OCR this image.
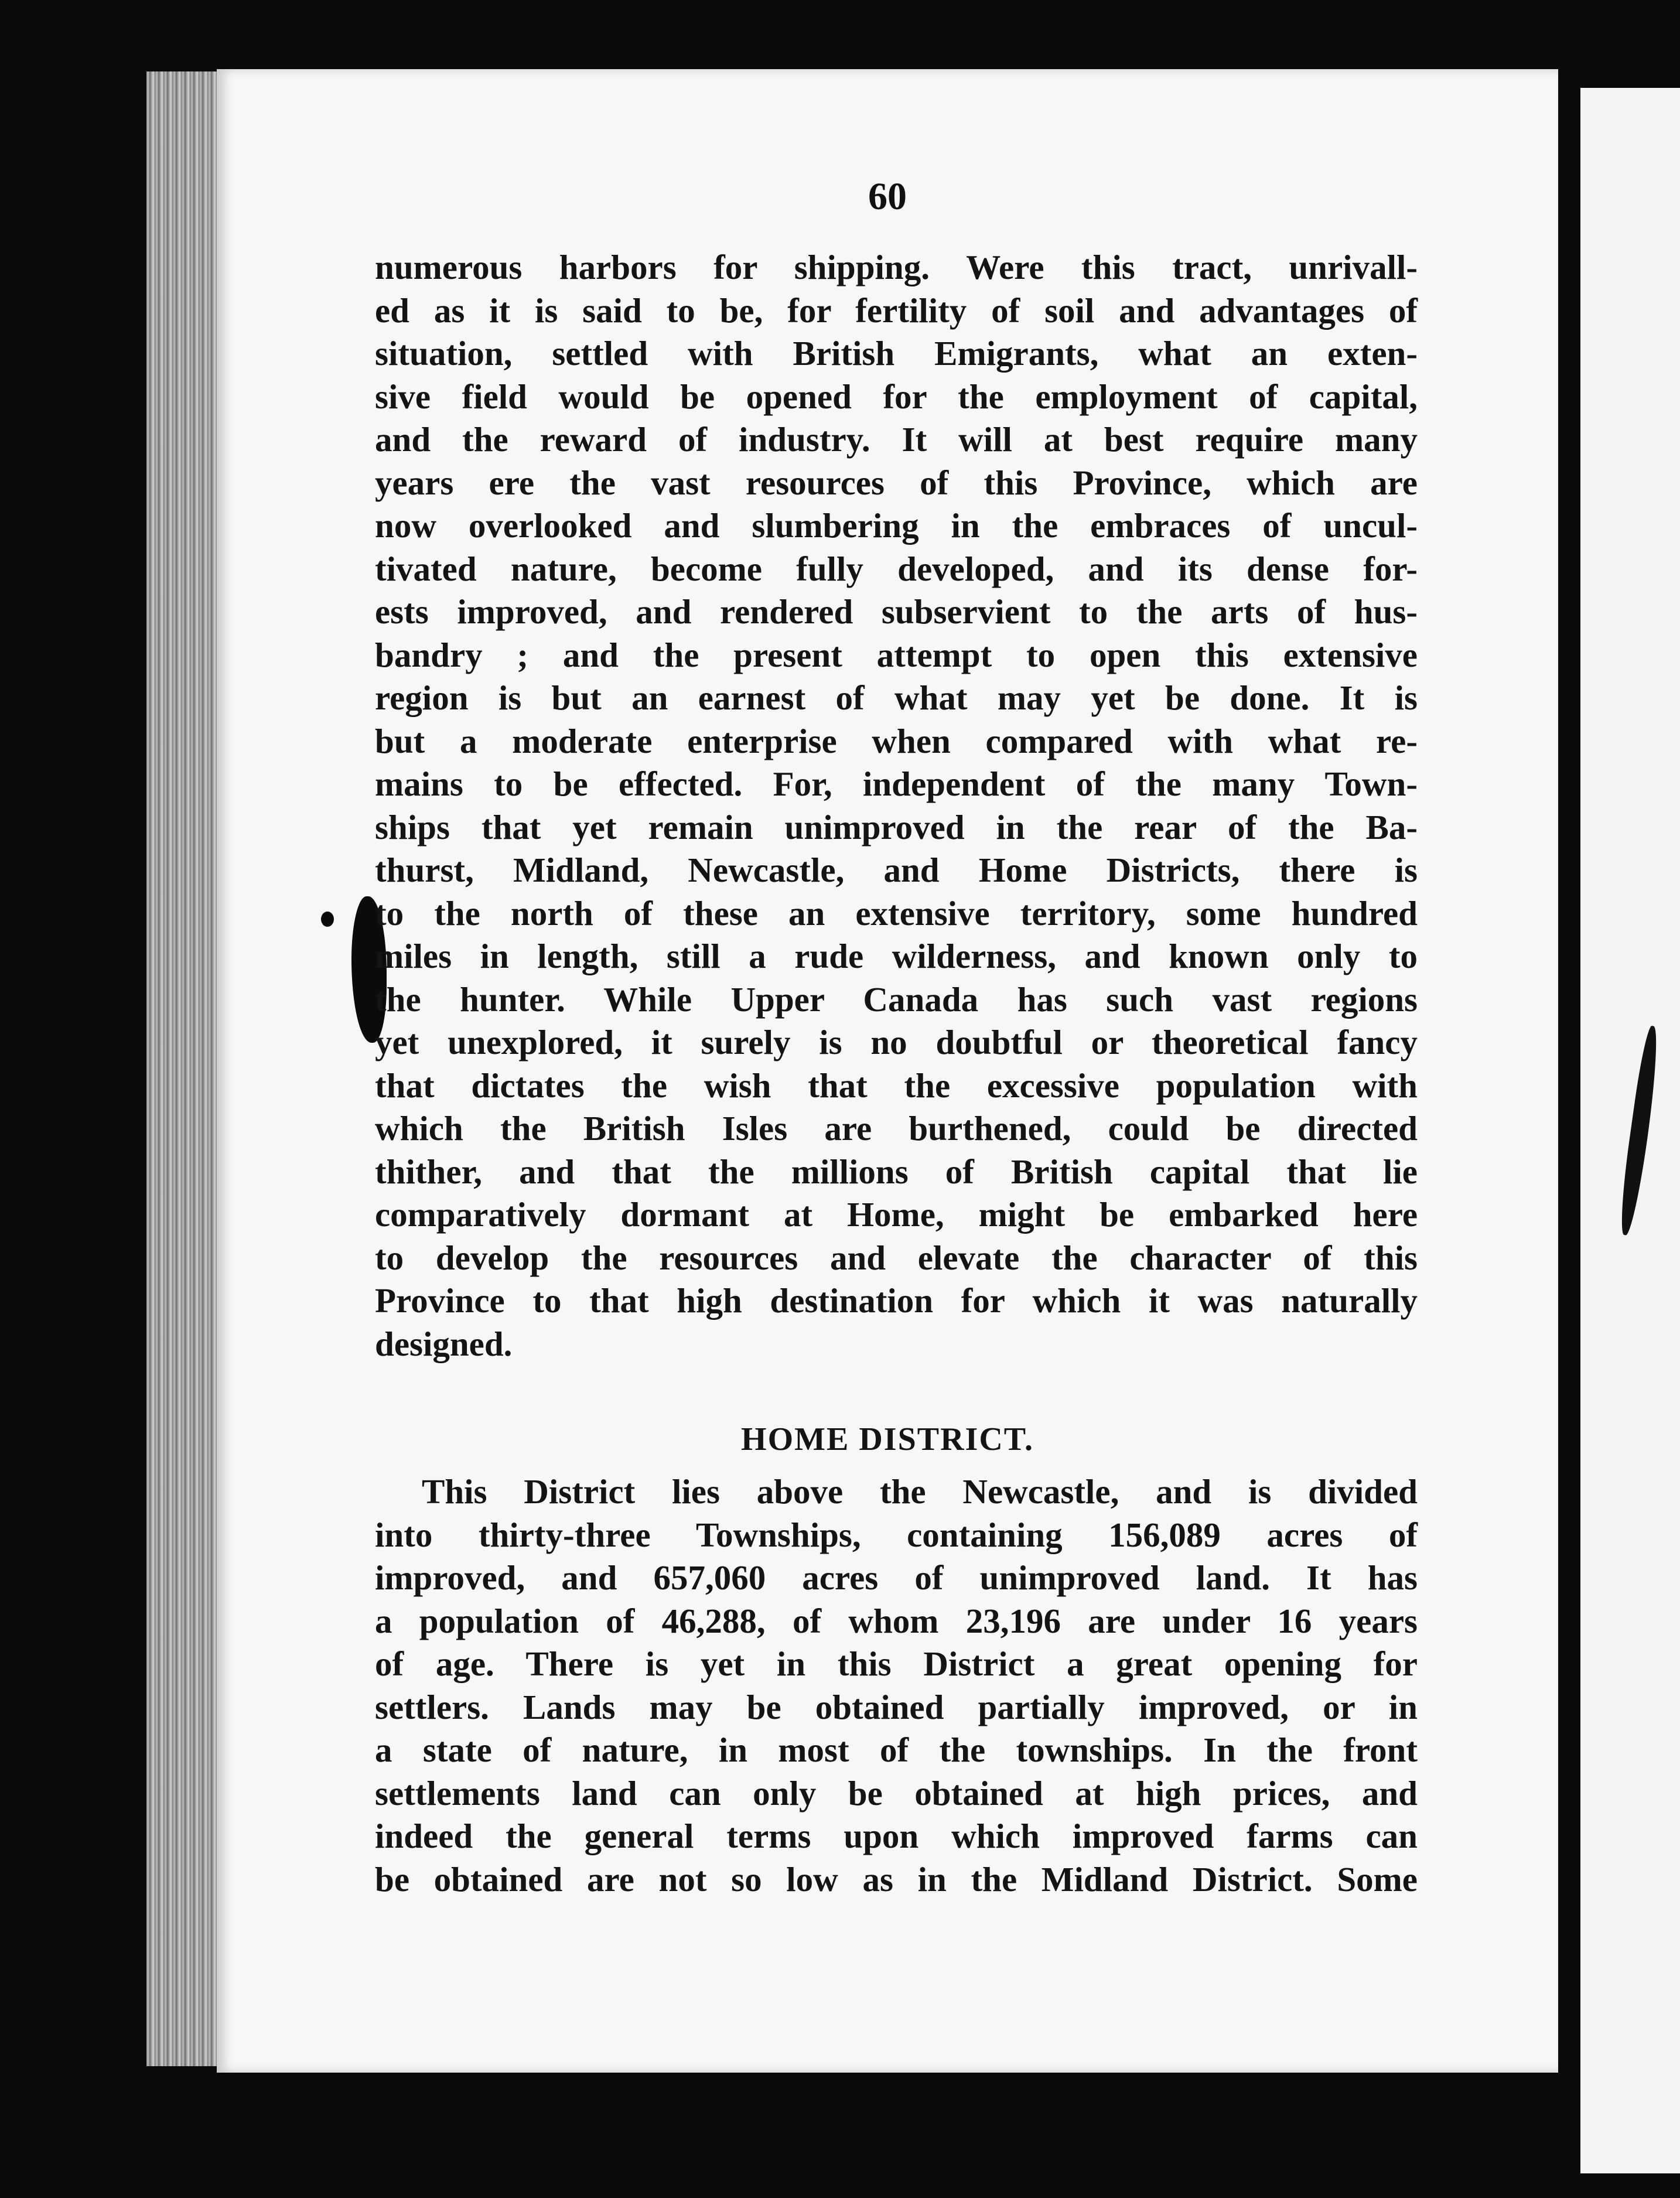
60
numerous harbors for shipping. Were this tract, unrivall-
ed as it is said to be, for fertility of soil and advantages of
situation, settled with British Emigrants, what an exten-
sive field would be opened for the employment of capital,
and the reward of industry. It will at best require many
years ere the vast resources of this Province, which are
now overlooked and slumbering in the embraces of uncul-
tivated nature, become fully developed, and its dense for-
ests improved, and rendered subservient to the arts of hus-
bandry ; and the present attempt to open this extensive
region is but an earnest of what may yet be done. It is
but a moderate enterprise when compared with what re-
mains to be effected. For, independent of the many Town-
ships that yet remain unimproved in the rear of the Ba-
thurst, Midland, Newcastle, and Home Districts, there is
to the north of these an extensive territory, some hundred
miles in length, still a rude wilderness, and known only to
the hunter. While Upper Canada has such vast regions
yet unexplored, it surely is no doubtful or theoretical fancy
that dictates the wish that the excessive population with
which the British Isles are burthened, could be directed
thither, and that the millions of British capital that lie
comparatively dormant at Home, might be embarked here
to develop the resources and elevate the character of this
Province to that high destination for which it was naturally
designed.
HOME DISTRICT.
This District lies above the Newcastle, and is divided
into thirty-three Townships, containing 156,089 acres of
improved, and 657,060 acres of unimproved land. It has
a population of 46,288, of whom 23,196 are under 16 years
of age. There is yet in this District a great opening for
settlers. Lands may be obtained partially improved, or in
a state of nature, in most of the townships. In the front
settlements land can only be obtained at high prices, and
indeed the general terms upon which improved farms can
be obtained are not so low as in the Midland District. Some
